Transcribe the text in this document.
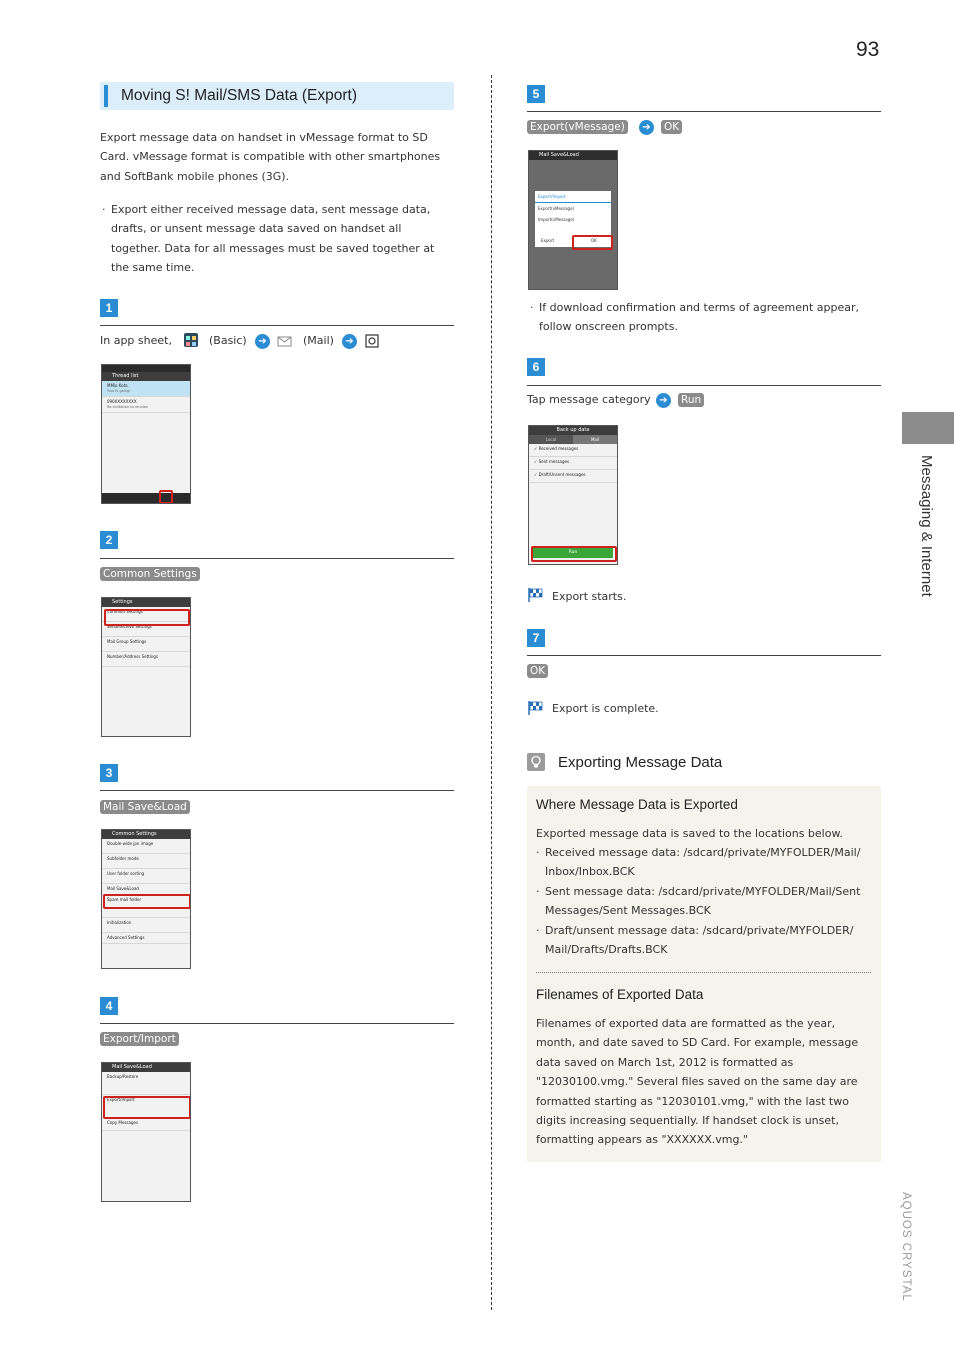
93
Messaging & Internet
AQUOS CRYSTAL
Moving S! Mail/SMS Data (Export)
Export message data on handset in vMessage format to SD Card. vMessage format is compatible with other smartphones and SoftBank mobile phones (3G).
· Export either received message data, sent message data, drafts, or unsent message data saved on handset all together. Data for all messages must be saved together at the same time.
1
In app sheet,	(Basic)	➔	(Mail)	➔
Thread list
MMio Kota
Yuuri's going!
090XXXXXXXX
Re:Invitation to reunion
2
Common Settings
Settings
Common Settings
Send/Receive Settings
Mail Group Settings
Number/Address Settings
3
Mail Save&Load
Common Settings
Double-wide jpn image
Subfolder mode
User folder sorting
Mail Save&Load
Spam mail folder
Initialization
Advanced Settings
4
Export/Import
Mail Save&Load
Backup/Restore
Export/Import
Copy Messages
5
Export(vMessage)	➔	OK
Mail Save&Load
Export/Import
Export(vMessage)
Import(vMessage)
Export	OK
· If download confirmation and terms of agreement appear, follow onscreen prompts.
6
Tap message category ➔	Run
Back up data
Local	Mail
✓ Received messages
✓ Sent messages
✓ Draft/Unsent messages
Run
Export starts.
7
OK
Export is complete.
Exporting Message Data
Where Message Data is Exported
Exported message data is saved to the locations below.
· Received message data: /sdcard/private/MYFOLDER/Mail/
Inbox/Inbox.BCK
· Sent message data: /sdcard/private/MYFOLDER/Mail/Sent
Messages/Sent Messages.BCK
· Draft/unsent message data: /sdcard/private/MYFOLDER/
Mail/Drafts/Drafts.BCK
Filenames of Exported Data
Filenames of exported data are formatted as the year, month, and date saved to SD Card. For example, message data saved on March 1st, 2012 is formatted as "12030100.vmg." Several files saved on the same day are formatted starting as "12030101.vmg," with the last two digits increasing sequentially. If handset clock is unset, formatting appears as "XXXXXX.vmg."
